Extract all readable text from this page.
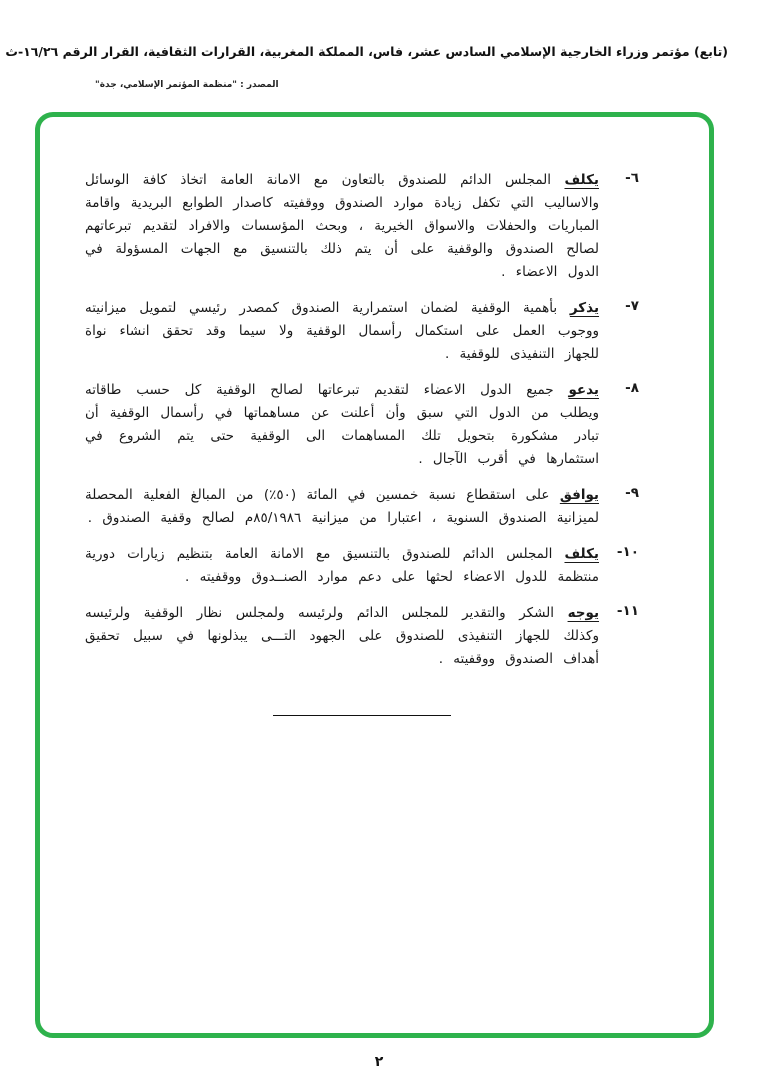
(تابع) مؤتمر وزراء الخارجية الإسلامي السادس عشر، فاس، المملكة المغربية، القرارات الثقافية، القرار الرقم ١٦/٢٦-ث
المصدر : "منظمة المؤتمر الإسلامي، جدة"
٦-

يكلف المجلس الدائم للصندوق بالتعاون مع الامانة العامة اتخاذ كافة الوسائل والاساليب التي تكفل زيادة موارد الصندوق ووقفيته كاصدار الطوابع البريدية واقامة المباريات والحفلات والاسواق الخيرية ، وبحث المؤسسات والافراد لتقديم تبرعاتهم لصالح الصندوق والوقفية على أن يتم ذلك بالتنسيق مع الجهات المسؤولة في الدول الاعضاء .

٧-

يذكر بأهمية الوقفية لضمان استمرارية الصندوق كمصدر رئيسي لتمويل ميزانيته ووجوب العمل على استكمال رأسمال الوقفية ولا سيما وقد تحقق انشاء نواة للجهاز التنفيذى للوقفية .

٨-

يدعو جميع الدول الاعضاء لتقديم تبرعاتها لصالح الوقفية كل حسب طاقاته ويطلب من الدول التي سبق وأن أعلنت عن مساهماتها في رأسمال الوقفية أن تبادر مشكورة بتحويل تلك المساهمات الى الوقفية حتى يتم الشروع في استثمارها في أقرب الآجال .

٩-

يوافق على استقطاع نسبة خمسين في المائة (٥٠٪) من المبالغ الفعلية المحصلة لميزانية الصندوق السنوية ، اعتبارا من ميزانية ٨٥/١٩٨٦م لصالح وقفية الصندوق .

١٠-

يكلف المجلس الدائم للصندوق بالتنسيق مع الامانة العامة بتنظيم زيارات دورية منتظمة للدول الاعضاء لحثها على دعم موارد الصنــدوق ووقفيته .

١١-

يوجه الشكر والتقدير للمجلس الدائم ولرئيسه ولمجلس نظار الوقفية ولرئيسه وكذلك للجهاز التنفيذى للصندوق على الجهود التـــى يبذلونها في سبيل تحقيق أهداف الصندوق ووقفيته .

٢
